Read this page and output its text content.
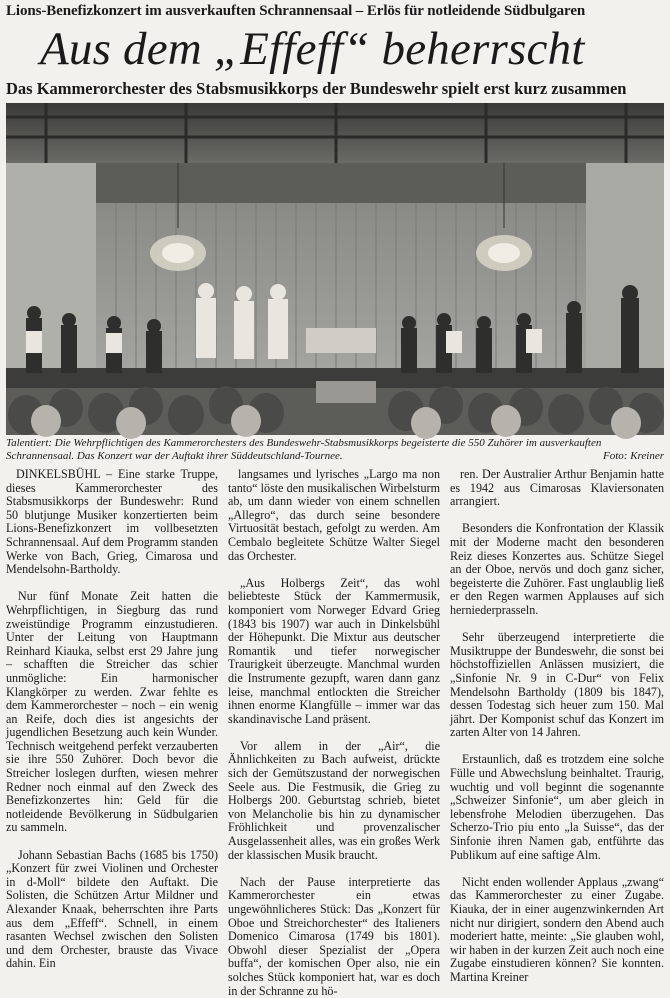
Lions-Benefizkonzert im ausverkauften Schrannensaal – Erlös für notleidende Südbulgaren
Aus dem „Effeff“ beherrscht
Das Kammerorchester des Stabsmusikkorps der Bundeswehr spielt erst kurz zusammen
Talentiert: Die Wehrpflichtigen des Kammerorchesters des Bundeswehr-Stabsmusikkorps begeisterte die 550 Zuhörer im ausverkauften Schrannensaal. Das Konzert war der Auftakt ihrer Süddeutschland-Tournee.	Foto: Kreiner

DINKELSBÜHL – Eine starke Truppe, dieses Kammerorchester des Stabsmusikkorps der Bundeswehr: Rund 50 blutjunge Musiker konzertierten beim Lions-Benefizkonzert im vollbesetzten Schrannensaal. Auf dem Programm standen Werke von Bach, Grieg, Cimarosa und Mendelsohn-Bartholdy.

Nur fünf Monate Zeit hatten die Wehrpflichtigen, in Siegburg das rund zweistündige Programm einzustudieren. Unter der Leitung von Hauptmann Reinhard Kiauka, selbst erst 29 Jahre jung – schafften die Streicher das schier unmögliche: Ein harmonischer Klangkörper zu werden. Zwar fehlte es dem Kammerorchester – noch – ein wenig an Reife, doch dies ist angesichts der jugendlichen Besetzung auch kein Wunder. Technisch weitgehend perfekt verzauberten sie ihre 550 Zuhörer. Doch bevor die Streicher loslegen durften, wiesen mehrer Redner noch einmal auf den Zweck des Benefizkonzertes hin: Geld für die notleidende Bevölkerung in Südbulgarien zu sammeln.

Johann Sebastian Bachs (1685 bis 1750) „Konzert für zwei Violinen und Orchester in d-Moll“ bildete den Auftakt. Die Solisten, die Schützen Artur Mildner und Alexander Knaak, beherrschten ihre Parts aus dem „Effeff“. Schnell, in einem rasanten Wechsel zwischen den Solisten und dem Orchester, brauste das Vivace dahin. Ein

langsames und lyrisches „Largo ma non tanto“ löste den musikalischen Wirbelsturm ab, um dann wieder von einem schnellen „Allegro“, das durch seine besondere Virtuosität bestach, gefolgt zu werden. Am Cembalo begleitete Schütze Walter Siegel das Orchester.

„Aus Holbergs Zeit“, das wohl beliebteste Stück der Kammermusik, komponiert vom Norweger Edvard Grieg (1843 bis 1907) war auch in Dinkelsbühl der Höhepunkt. Die Mixtur aus deutscher Romantik und tiefer norwegischer Traurigkeit überzeugte. Manchmal wurden die Instrumente gezupft, waren dann ganz leise, manchmal entlockten die Streicher ihnen enorme Klangfülle – immer war das skandinavische Land präsent.

Vor allem in der „Air“, die Ähnlichkeiten zu Bach aufweist, drückte sich der Gemütszustand der norwegischen Seele aus. Die Festmusik, die Grieg zu Holbergs 200. Geburtstag schrieb, bietet von Melancholie bis hin zu dynamischer Fröhlichkeit und provenzalischer Ausgelassenheit alles, was ein großes Werk der klassischen Musik braucht.

Nach der Pause interpretierte das Kammerorchester ein etwas ungewöhnlicheres Stück: Das „Konzert für Oboe und Streichorchester“ des Italieners Domenico Cimarosa (1749 bis 1801). Obwohl dieser Spezialist der „Opera buffa“, der komischen Oper also, nie ein solches Stück komponiert hat, war es doch in der Schranne zu hö-

ren. Der Australier Arthur Benjamin hatte es 1942 aus Cimarosas Klaviersonaten arrangiert.

Besonders die Konfrontation der Klassik mit der Moderne macht den besonderen Reiz dieses Konzertes aus. Schütze Siegel an der Oboe, nervös und doch ganz sicher, begeisterte die Zuhörer. Fast unglaublig ließ er den Regen warmen Applauses auf sich herniederprasseln.

Sehr überzeugend interpretierte die Musiktruppe der Bundeswehr, die sonst bei höchstoffiziellen Anlässen musiziert, die „Sinfonie Nr. 9 in C-Dur“ von Felix Mendelsohn Bartholdy (1809 bis 1847), dessen Todestag sich heuer zum 150. Mal jährt. Der Komponist schuf das Konzert im zarten Alter von 14 Jahren.

Erstaunlich, daß es trotzdem eine solche Fülle und Abwechslung beinhaltet. Traurig, wuchtig und voll beginnt die sogenannte „Schweizer Sinfonie“, um aber gleich in lebensfrohe Melodien überzugehen. Das Scherzo-Trio piu ento „la Suisse“, das der Sinfonie ihren Namen gab, entführte das Publikum auf eine saftige Alm.

Nicht enden wollender Applaus „zwang“ das Kammerorchester zu einer Zugabe. Kiauka, der in einer augenzwinkernden Art nicht nur dirigiert, sondern den Abend auch moderiert hatte, meinte: „Sie glauben wohl, wir haben in der kurzen Zeit auch noch eine Zugabe einstudieren können? Sie konnten. Martina Kreiner
